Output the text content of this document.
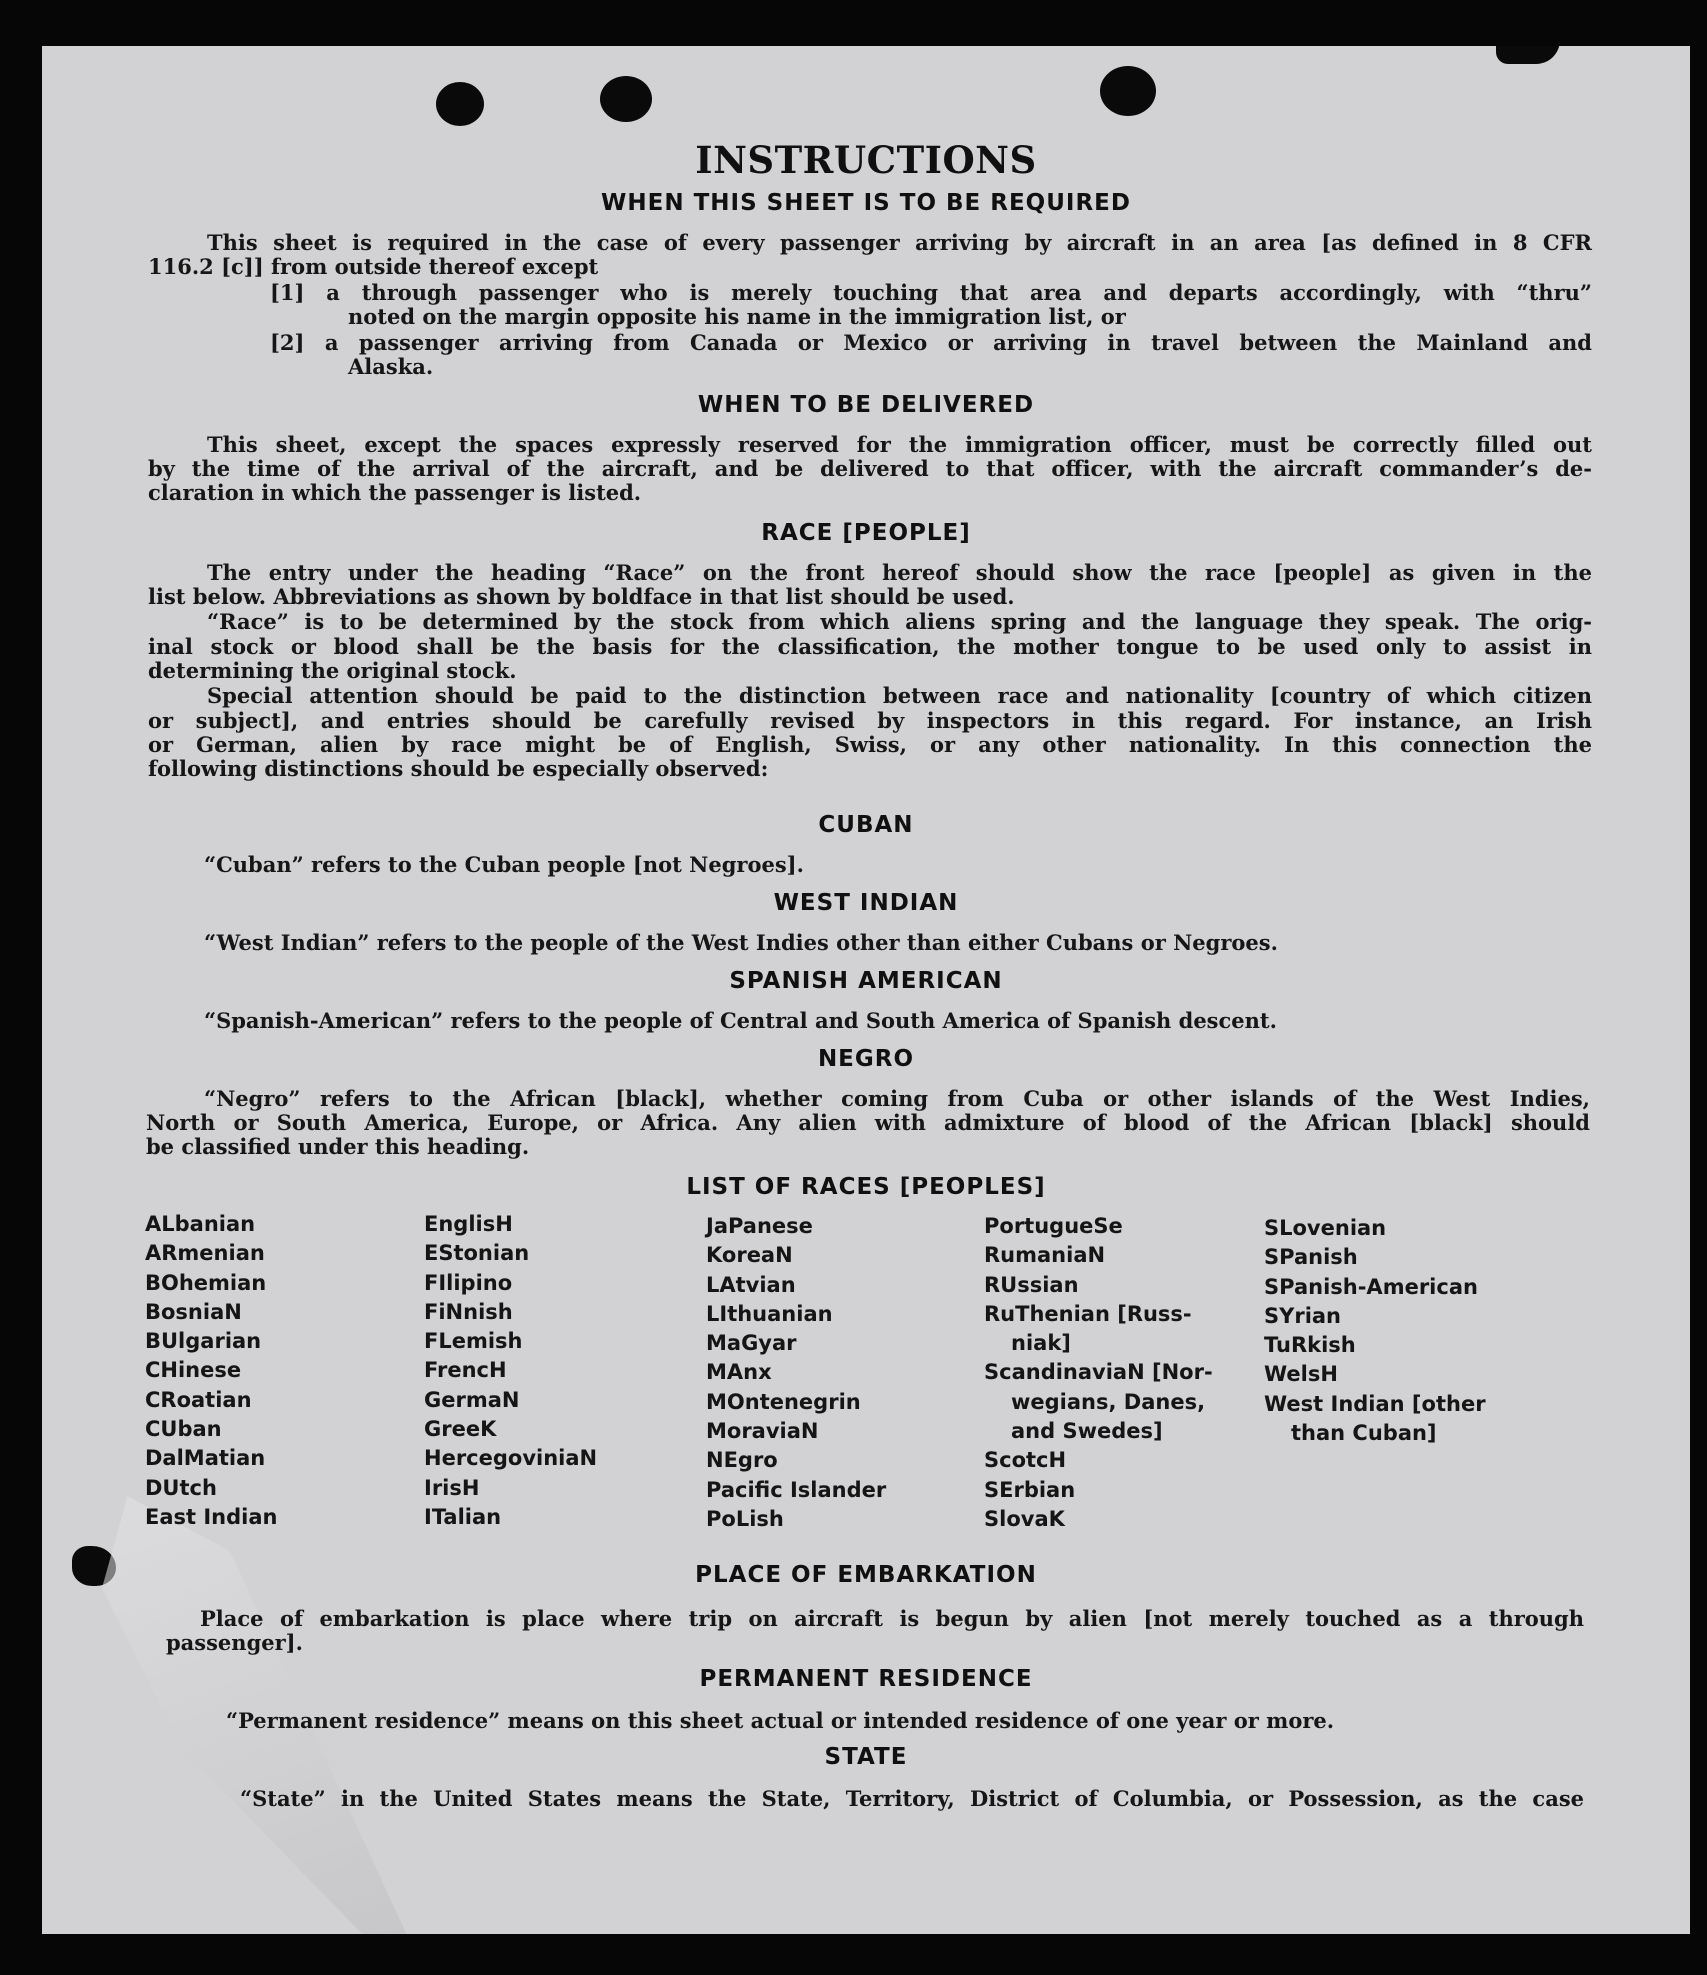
INSTRUCTIONS
WHEN THIS SHEET IS TO BE REQUIRED
This sheet is required in the case of every passenger arriving by aircraft in an area [as defined in 8 CFR
116.2 [c]] from outside thereof except
[1] a through passenger who is merely touching that area and departs accordingly, with “thru”
noted on the margin opposite his name in the immigration list, or
[2] a passenger arriving from Canada or Mexico or arriving in travel between the Mainland and
Alaska.
WHEN TO BE DELIVERED
This sheet, except the spaces expressly reserved for the immigration officer, must be correctly filled out
by the time of the arrival of the aircraft, and be delivered to that officer, with the aircraft commander’s de-
claration in which the passenger is listed.
RACE [PEOPLE]
The entry under the heading “Race” on the front hereof should show the race [people] as given in the
list below. Abbreviations as shown by boldface in that list should be used.
“Race” is to be determined by the stock from which aliens spring and the language they speak. The orig-
inal stock or blood shall be the basis for the classification, the mother tongue to be used only to assist in
determining the original stock.
Special attention should be paid to the distinction between race and nationality [country of which citizen
or subject], and entries should be carefully revised by inspectors in this regard. For instance, an Irish
or German, alien by race might be of English, Swiss, or any other nationality. In this connection the
following distinctions should be especially observed:
CUBAN
“Cuban” refers to the Cuban people [not Negroes].
WEST INDIAN
“West Indian” refers to the people of the West Indies other than either Cubans or Negroes.
SPANISH AMERICAN
“Spanish-American” refers to the people of Central and South America of Spanish descent.
NEGRO
“Negro” refers to the African [black], whether coming from Cuba or other islands of the West Indies,
North or South America, Europe, or Africa. Any alien with admixture of blood of the African [black] should
be classified under this heading.
LIST OF RACES [PEOPLES]
ALbanian
ARmenian
BOhemian
BosniaN
BUlgarian
CHinese
CRoatian
CUban
DalMatian
DUtch
East Indian
EnglisH
EStonian
FIlipino
FiNnish
FLemish
FrencH
GermaN
GreeK
HercegoviniaN
IrisH
ITalian
JaPanese
KoreaN
LAtvian
LIthuanian
MaGyar
MAnx
MOntenegrin
MoraviaN
NEgro
Pacific Islander
PoLish
PortugueSe
RumaniaN
RUssian
RuThenian [Russ-
niak]
ScandinaviaN [Nor-
wegians, Danes,
and Swedes]
ScotcH
SErbian
SlovaK
SLovenian
SPanish
SPanish-American
SYrian
TuRkish
WelsH
West Indian [other
than Cuban]
PLACE OF EMBARKATION
Place of embarkation is place where trip on aircraft is begun by alien [not merely touched as a through
passenger].
PERMANENT RESIDENCE
“Permanent residence” means on this sheet actual or intended residence of one year or more.
STATE
“State” in the United States means the State, Territory, District of Columbia, or Possession, as the case
